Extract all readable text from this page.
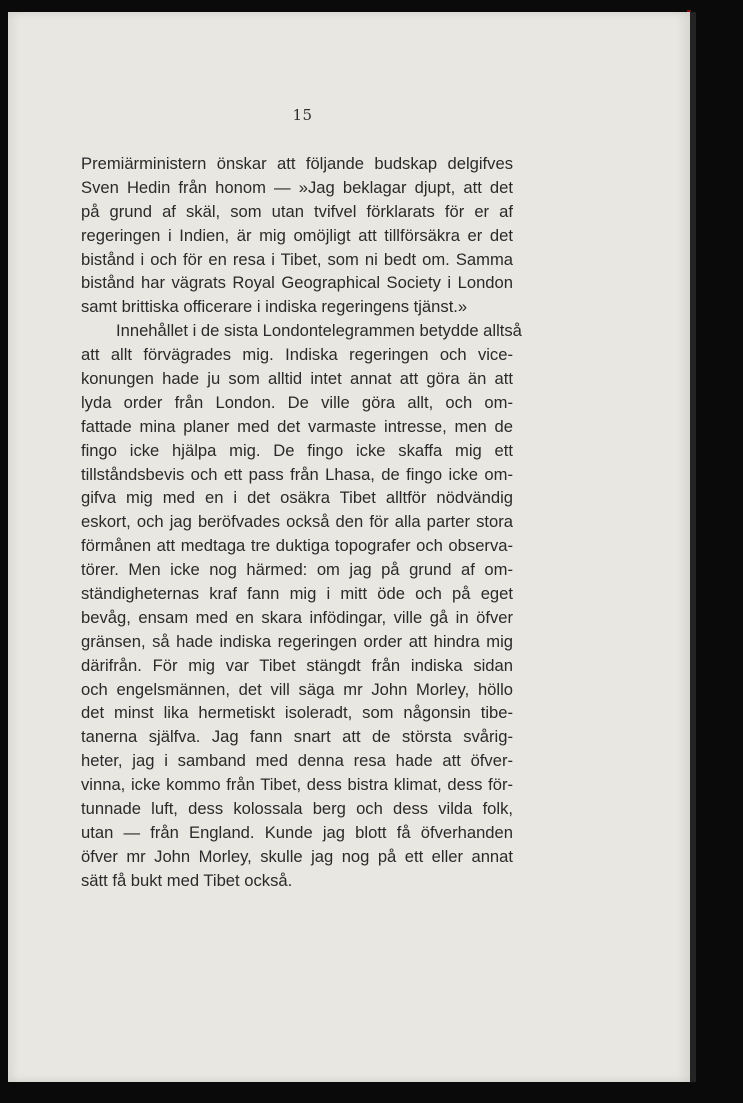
15
Premiärministern önskar att följande budskap delgifves
Sven Hedin från honom — »Jag beklagar djupt, att det
på grund af skäl, som utan tvifvel förklarats för er af
regeringen i Indien, är mig omöjligt att tillförsäkra er det
bistånd i och för en resa i Tibet, som ni bedt om. Samma
bistånd har vägrats Royal Geographical Society i London
samt brittiska officerare i indiska regeringens tjänst.»
Innehållet i de sista Londontelegrammen betydde alltså
att allt förvägrades mig. Indiska regeringen och vice-
konungen hade ju som alltid intet annat att göra än att
lyda order från London. De ville göra allt, och om-
fattade mina planer med det varmaste intresse, men de
fingo icke hjälpa mig. De fingo icke skaffa mig ett
tillståndsbevis och ett pass från Lhasa, de fingo icke om-
gifva mig med en i det osäkra Tibet alltför nödvändig
eskort, och jag beröfvades också den för alla parter stora
förmånen att medtaga tre duktiga topografer och observa-
törer. Men icke nog härmed: om jag på grund af om-
ständigheternas kraf fann mig i mitt öde och på eget
bevåg, ensam med en skara infödingar, ville gå in öfver
gränsen, så hade indiska regeringen order att hindra mig
därifrån. För mig var Tibet stängdt från indiska sidan
och engelsmännen, det vill säga mr John Morley, höllo
det minst lika hermetiskt isoleradt, som någonsin tibe-
tanerna själfva. Jag fann snart att de största svårig-
heter, jag i samband med denna resa hade att öfver-
vinna, icke kommo från Tibet, dess bistra klimat, dess för-
tunnade luft, dess kolossala berg och dess vilda folk,
utan — från England. Kunde jag blott få öfverhanden
öfver mr John Morley, skulle jag nog på ett eller annat
sätt få bukt med Tibet också.
